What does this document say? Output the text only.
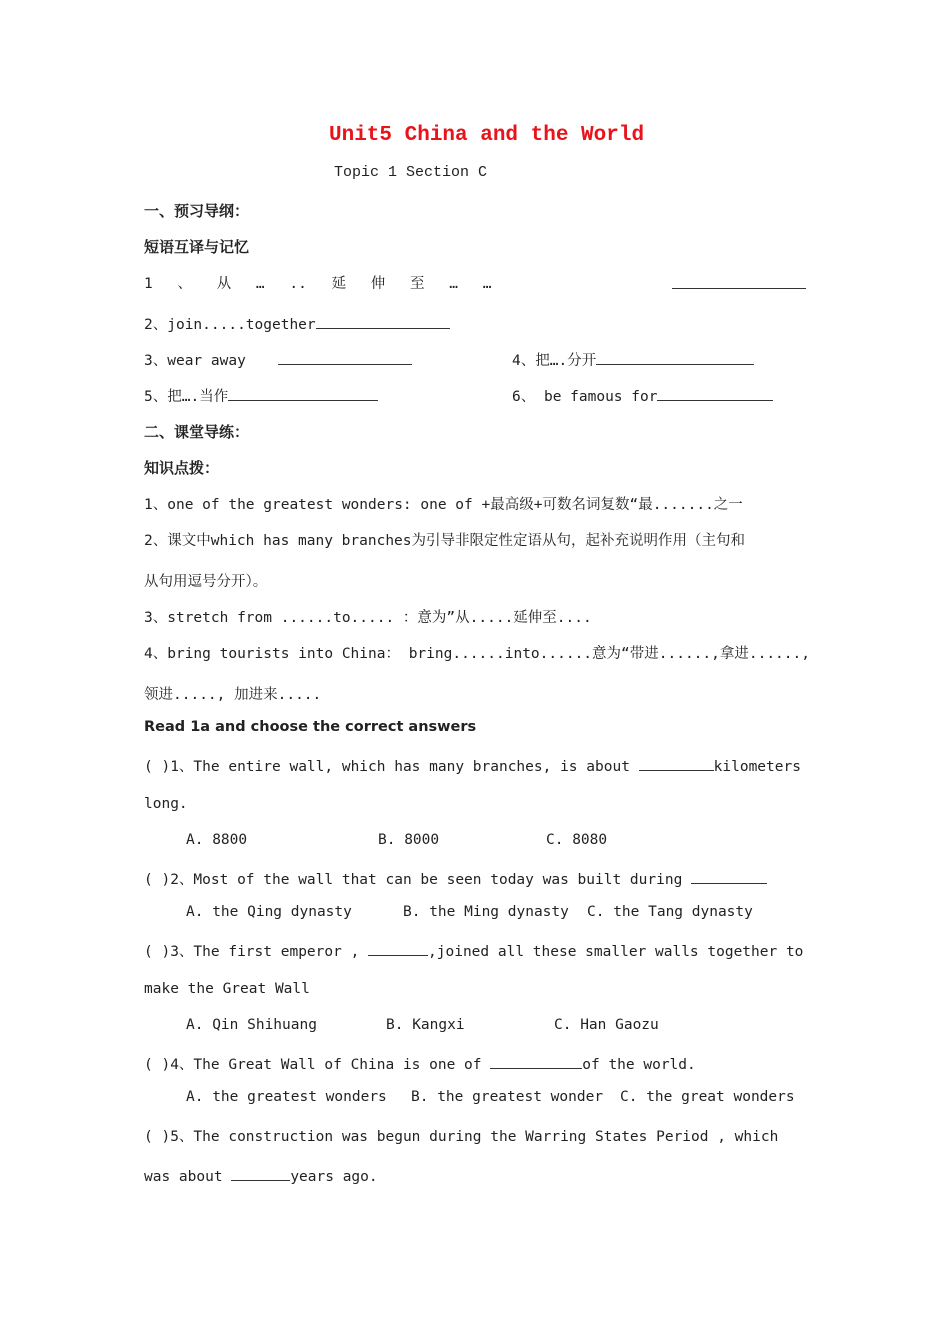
Unit5 China and the World
Topic 1 Section C
一、预习导纲：
短语互译与记忆
1 、 从 … .. 延 伸 至 … …
2、join.....together
3、wear away	4、把….分开
5、把….当作	6、 be famous for
二、课堂导练：
知识点拨：
1、one of the greatest wonders: one of +最高级+可数名词复数“最.......之一
2、课文中which has many branches为引导非限定性定语从句，起补充说明作用（主句和
从句用逗号分开）。
3、stretch from ......to..... ：意为”从.....延伸至....
4、bring tourists into China： bring......into......意为“带进......,拿进......,
领进....., 加进来.....
Read 1a and choose the correct answers
( )1、The entire wall, which has many branches, is about	kilometers
long.
A. 8800	B. 8000	C. 8080
( )2、Most of the wall that can be seen today was built during
A. the Qing dynasty	B. the Ming dynasty C. the Tang dynasty
( )3、The first emperor ,	,joined all these smaller walls together to
make the Great Wall
A. Qin Shihuang	B. Kangxi	C. Han Gaozu
( )4、The Great Wall of China is one of	of the world.
A. the greatest wonders B. the greatest wonder C. the great wonders
( )5、The construction was begun during the Warring States Period , which
was about	years ago.
